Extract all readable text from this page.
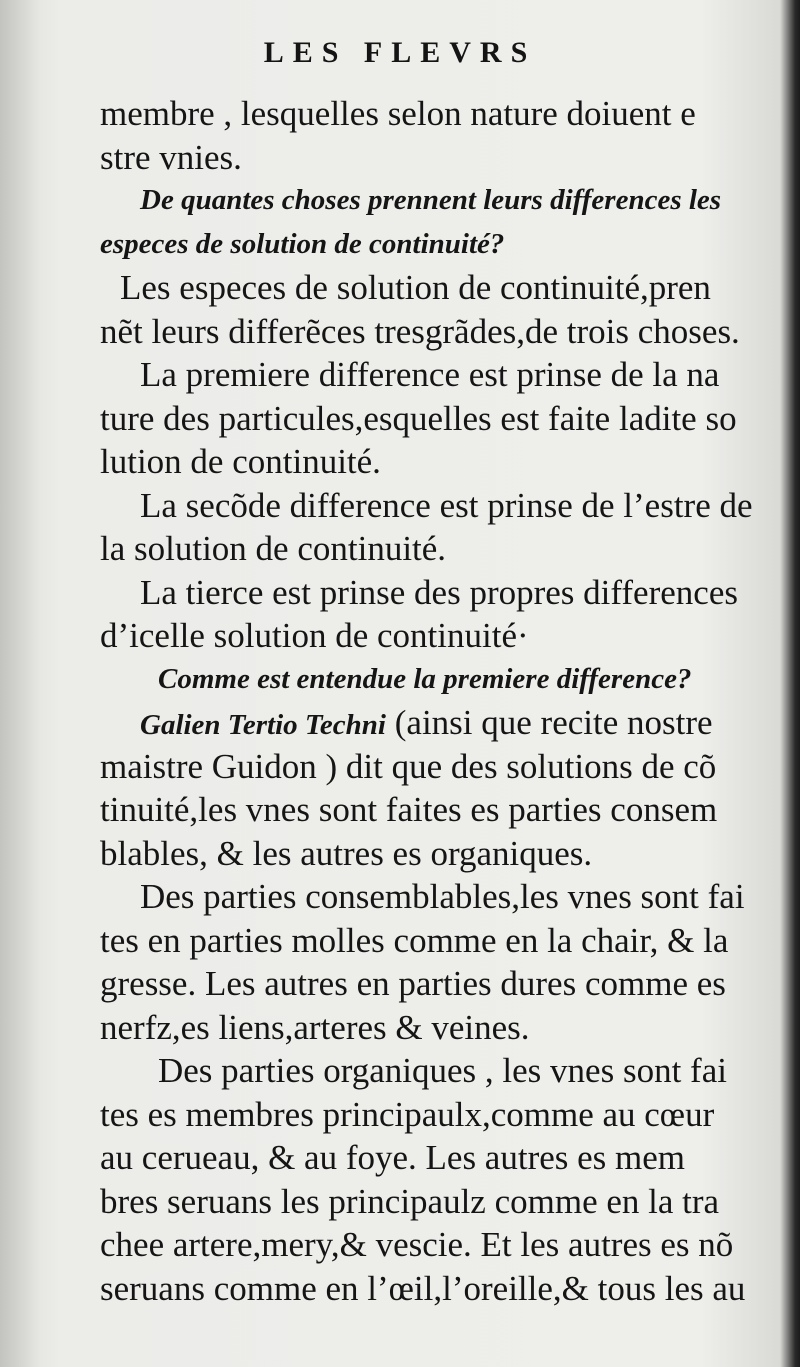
LES FLEVRS
membre , lesquelles selon nature doiuent e
stre vnies.
De quantes choses prennent leurs differences les
especes de solution de continuité?
Les especes de solution de continuité,pren
nẽt leurs differẽces tresgrãdes,de trois choses.
La premiere difference est prinse de la na
ture des particules,esquelles est faite ladite so
lution de continuité.
La secõde difference est prinse de l’estre de
la solution de continuité.
La tierce est prinse des propres differences
d’icelle solution de continuité·
Comme est entendue la premiere difference?
Galien Tertio Techni (ainsi que recite nostre
maistre Guidon ) dit que des solutions de cõ
tinuité,les vnes sont faites es parties consem
blables, & les autres es organiques.
Des parties consemblables,les vnes sont fai
tes en parties molles comme en la chair, & la
gresse. Les autres en parties dures comme es
nerfz,es liens,arteres & veines.
Des parties organiques , les vnes sont fai
tes es membres principaulx,comme au cœur
au cerueau, & au foye. Les autres es mem
bres seruans les principaulz comme en la tra
chee artere,mery,& vescie. Et les autres es nõ
seruans comme en l’œil,l’oreille,& tous les au
